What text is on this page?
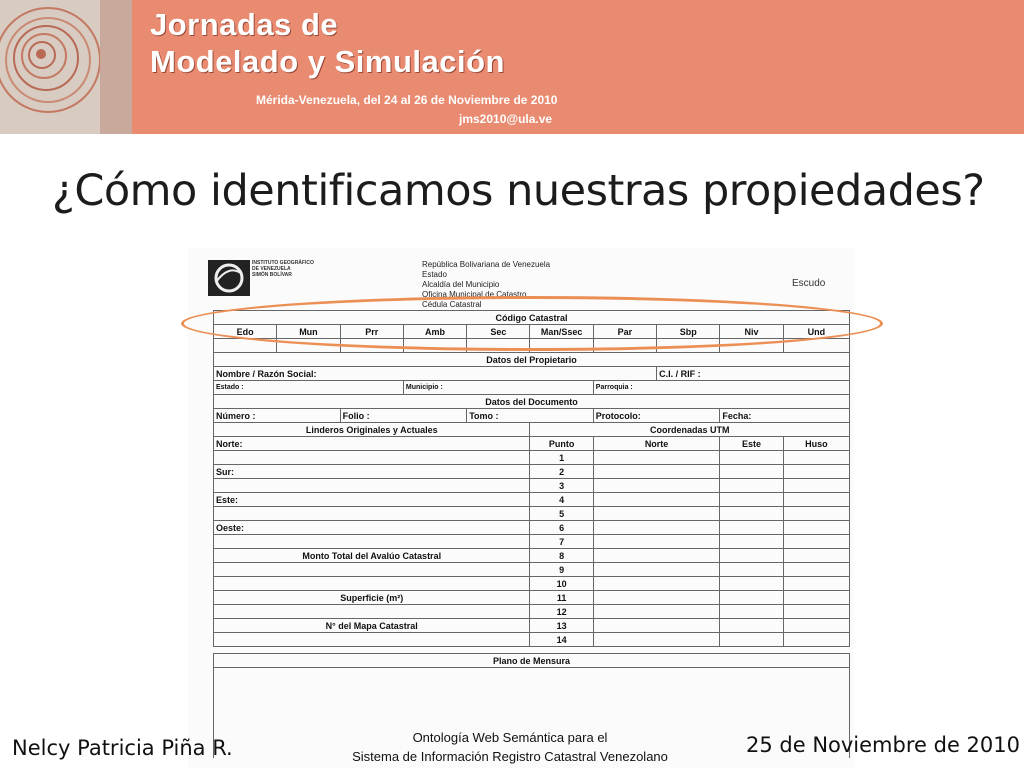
Jornadas de
Modelado y Simulación
Mérida-Venezuela, del 24 al 26 de Noviembre de 2010
jms2010@ula.ve
¿Cómo identificamos nuestras propiedades?
INSTITUTO GEOGRÁFICO
DE VENEZUELA
SIMÓN BOLÍVAR
República Bolivariana de Venezuela
Estado
Alcaldía del Municipio
Oficina Municipal de Catastro
Cédula Catastral
Escudo
Código Catastral									
Edo	Mun	Prr	Amb	Sec	Man/Ssec	Par	Sbp	Niv	Und

Datos del Propietario									
Nombre / Razón Social:							C.I. / RIF :		
Estado :			Municipio :			Parroquia :			
Datos del Documento									
Número :		Folio :		Tomo :		Protocolo:		Fecha:	
Linderos Originales y Actuales					Coordenadas UTM				
Norte:					Punto	Norte		Este	Huso
					1				
Sur:					2				
					3				
Este:					4				
					5				
Oeste:					6				
					7				
Monto Total del Avalúo Catastral					8				
					9				
					10				
Superficie (m²)					11				
					12				
N° del Mapa Catastral					13				
					14				

Plano de Mensura									

Nelcy Patricia Piña R.	Ontología Web Semántica para el
Sistema de Información Registro Catastral Venezolano	25 de Noviembre de 2010
